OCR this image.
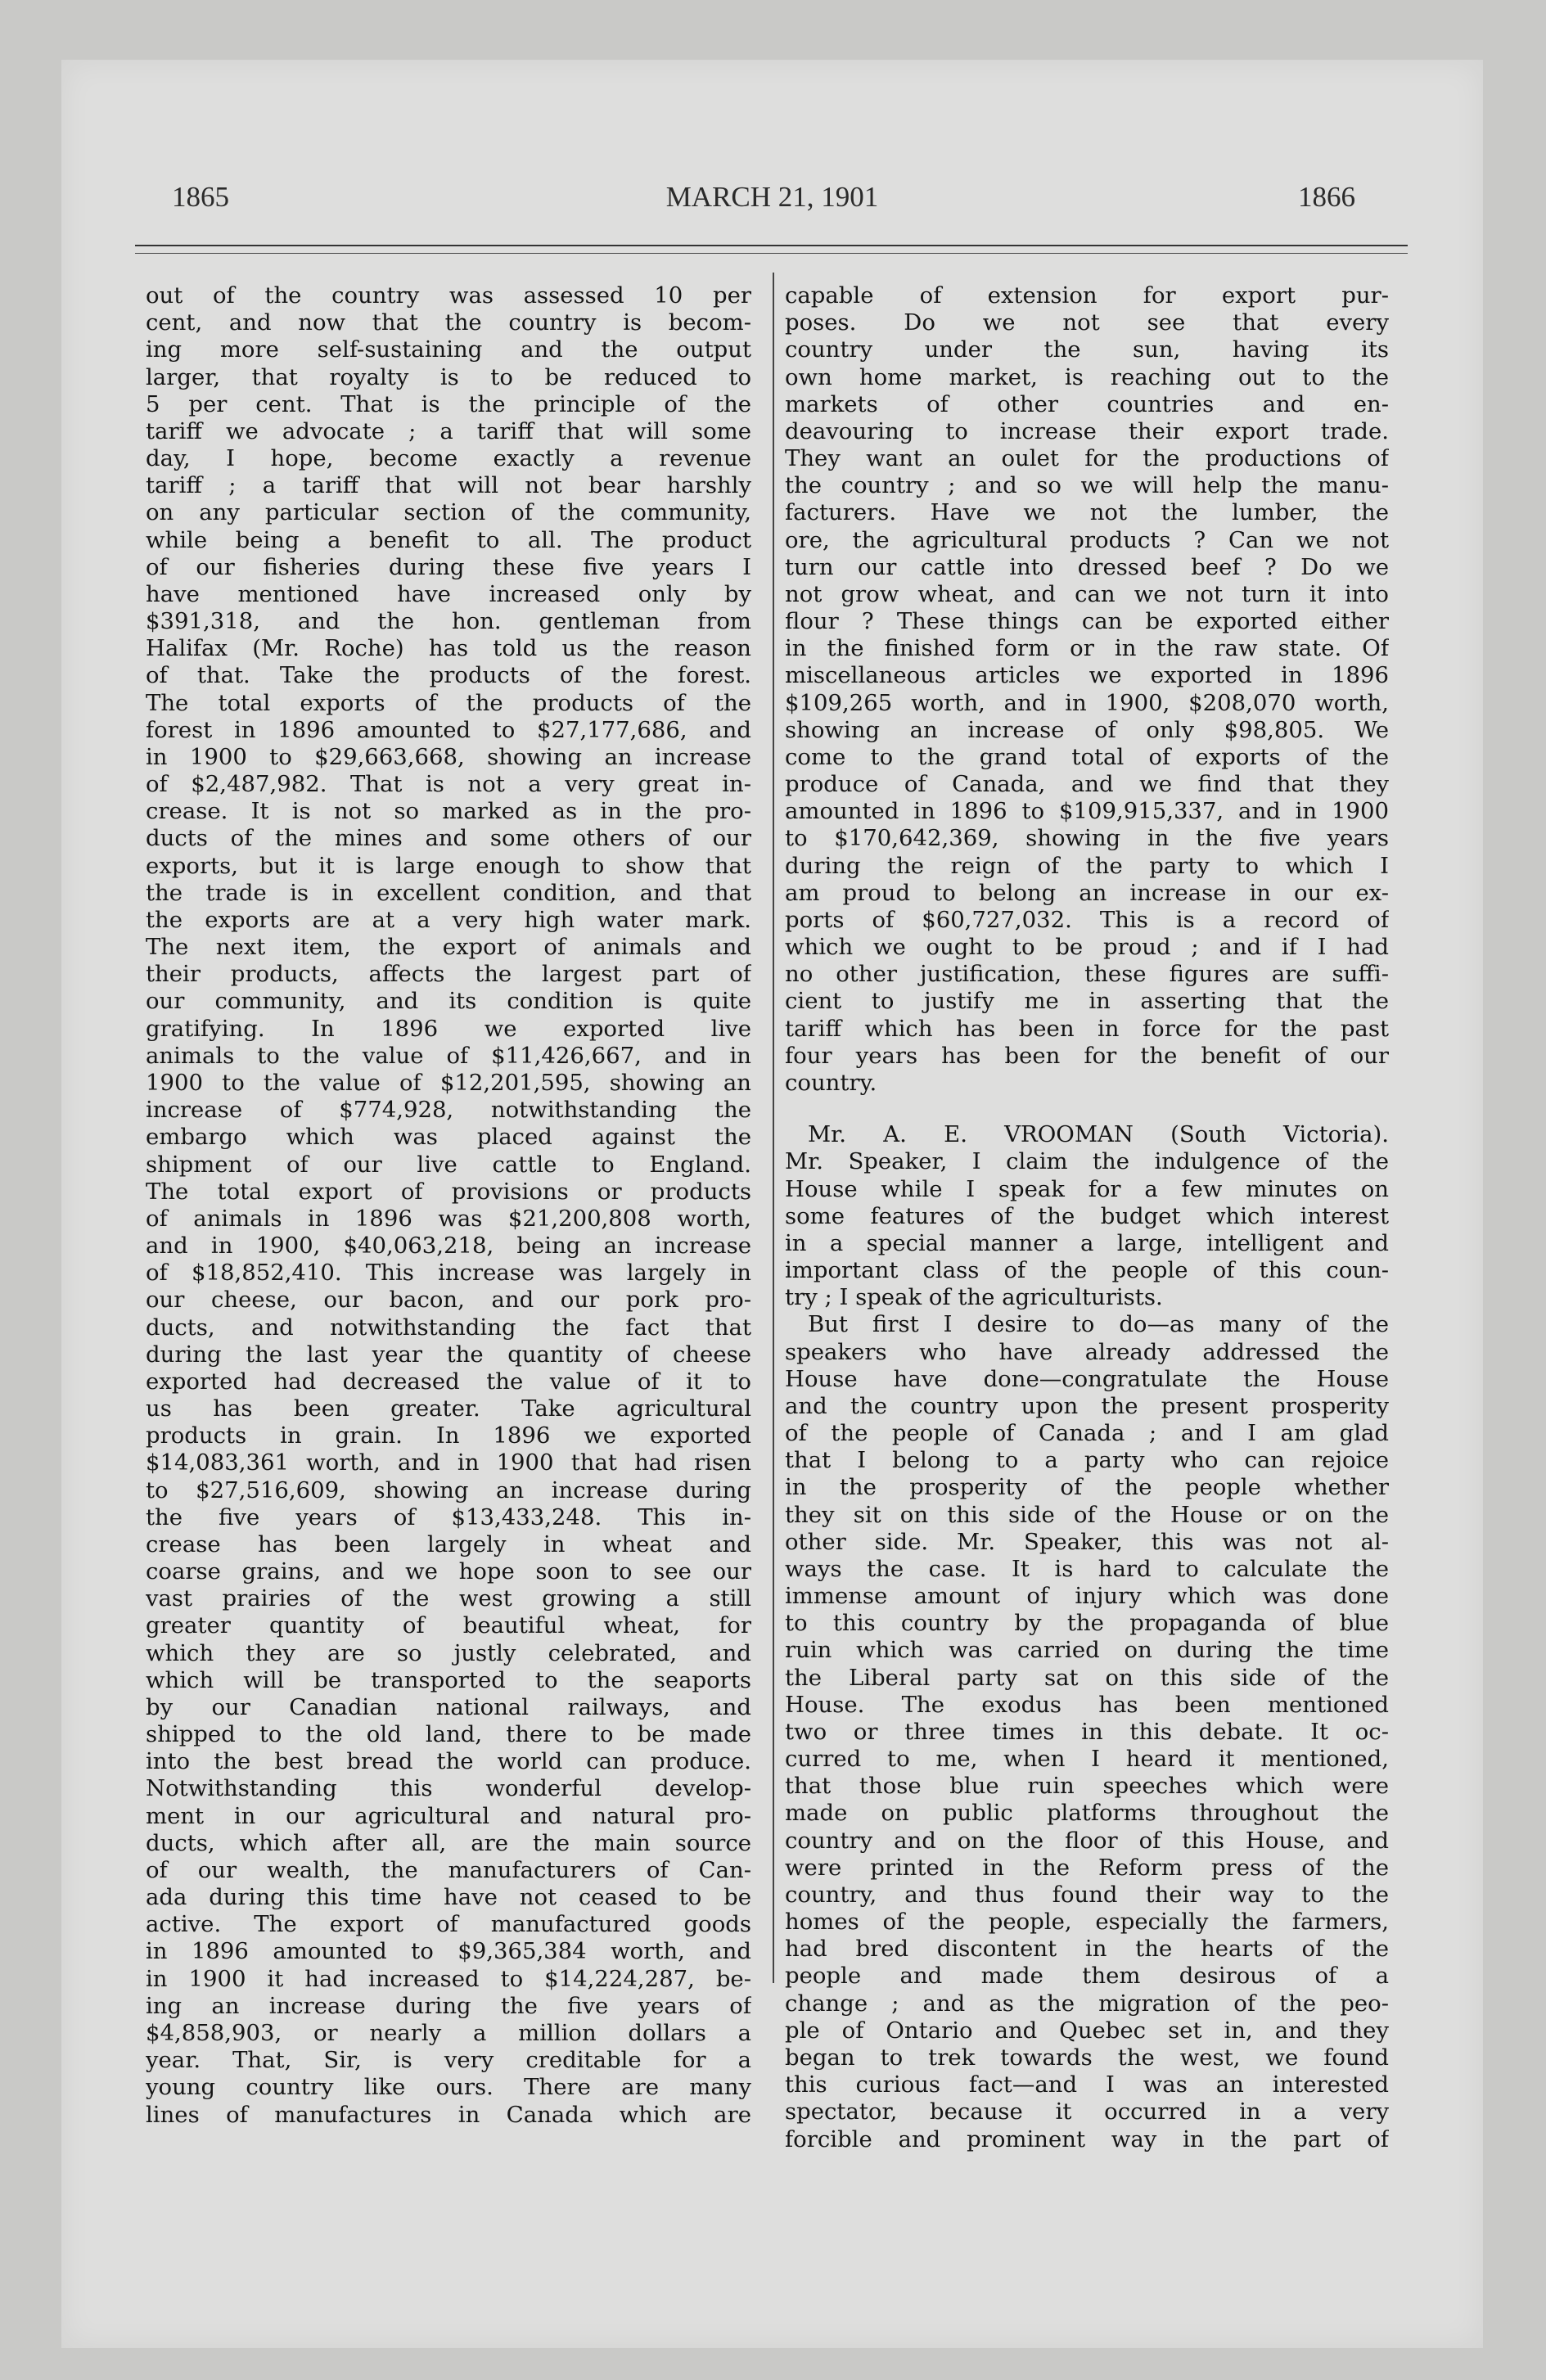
1865	MARCH 21, 1901	1866
out of the country was assessed 10 per
cent, and now that the country is becom-
ing more self-sustaining and the output
larger, that royalty is to be reduced to
5 per cent. That is the principle of the
tariff we advocate ; a tariff that will some
day, I hope, become exactly a revenue
tariff ; a tariff that will not bear harshly
on any particular section of the community,
while being a benefit to all. The product
of our fisheries during these five years I
have mentioned have increased only by
$391,318, and the hon. gentleman from
Halifax (Mr. Roche) has told us the reason
of that. Take the products of the forest.
The total exports of the products of the
forest in 1896 amounted to $27,177,686, and
in 1900 to $29,663,668, showing an increase
of $2,487,982. That is not a very great in-
crease. It is not so marked as in the pro-
ducts of the mines and some others of our
exports, but it is large enough to show that
the trade is in excellent condition, and that
the exports are at a very high water mark.
The next item, the export of animals and
their products, affects the largest part of
our community, and its condition is quite
gratifying. In 1896 we exported live
animals to the value of $11,426,667, and in
1900 to the value of $12,201,595, showing an
increase of $774,928, notwithstanding the
embargo which was placed against the
shipment of our live cattle to England.
The total export of provisions or products
of animals in 1896 was $21,200,808 worth,
and in 1900, $40,063,218, being an increase
of $18,852,410. This increase was largely in
our cheese, our bacon, and our pork pro-
ducts, and notwithstanding the fact that
during the last year the quantity of cheese
exported had decreased the value of it to
us has been greater. Take agricultural
products in grain. In 1896 we exported
$14,083,361 worth, and in 1900 that had risen
to $27,516,609, showing an increase during
the five years of $13,433,248. This in-
crease has been largely in wheat and
coarse grains, and we hope soon to see our
vast prairies of the west growing a still
greater quantity of beautiful wheat, for
which they are so justly celebrated, and
which will be transported to the seaports
by our Canadian national railways, and
shipped to the old land, there to be made
into the best bread the world can produce.
Notwithstanding this wonderful develop-
ment in our agricultural and natural pro-
ducts, which after all, are the main source
of our wealth, the manufacturers of Can-
ada during this time have not ceased to be
active. The export of manufactured goods
in 1896 amounted to $9,365,384 worth, and
in 1900 it had increased to $14,224,287, be-
ing an increase during the five years of
$4,858,903, or nearly a million dollars a
year. That, Sir, is very creditable for a
young country like ours. There are many
lines of manufactures in Canada which are
capable of extension for export pur-
poses. Do we not see that every
country under the sun, having its
own home market, is reaching out to the
markets of other countries and en-
deavouring to increase their export trade.
They want an oulet for the productions of
the country ; and so we will help the manu-
facturers. Have we not the lumber, the
ore, the agricultural products ? Can we not
turn our cattle into dressed beef ? Do we
not grow wheat, and can we not turn it into
flour ? These things can be exported either
in the finished form or in the raw state. Of
miscellaneous articles we exported in 1896
$109,265 worth, and in 1900, $208,070 worth,
showing an increase of only $98,805. We
come to the grand total of exports of the
produce of Canada, and we find that they
amounted in 1896 to $109,915,337, and in 1900
to $170,642,369, showing in the five years
during the reign of the party to which I
am proud to belong an increase in our ex-
ports of $60,727,032. This is a record of
which we ought to be proud ; and if I had
no other justification, these figures are suffi-
cient to justify me in asserting that the
tariff which has been in force for the past
four years has been for the benefit of our
country.
Mr. A. E. VROOMAN (South Victoria).
Mr. Speaker, I claim the indulgence of the
House while I speak for a few minutes on
some features of the budget which interest
in a special manner a large, intelligent and
important class of the people of this coun-
try ; I speak of the agriculturists.
But first I desire to do—as many of the
speakers who have already addressed the
House have done—congratulate the House
and the country upon the present prosperity
of the people of Canada ; and I am glad
that I belong to a party who can rejoice
in the prosperity of the people whether
they sit on this side of the House or on the
other side. Mr. Speaker, this was not al-
ways the case. It is hard to calculate the
immense amount of injury which was done
to this country by the propaganda of blue
ruin which was carried on during the time
the Liberal party sat on this side of the
House. The exodus has been mentioned
two or three times in this debate. It oc-
curred to me, when I heard it mentioned,
that those blue ruin speeches which were
made on public platforms throughout the
country and on the floor of this House, and
were printed in the Reform press of the
country, and thus found their way to the
homes of the people, especially the farmers,
had bred discontent in the hearts of the
people and made them desirous of a
change ; and as the migration of the peo-
ple of Ontario and Quebec set in, and they
began to trek towards the west, we found
this curious fact—and I was an interested
spectator, because it occurred in a very
forcible and prominent way in the part of
